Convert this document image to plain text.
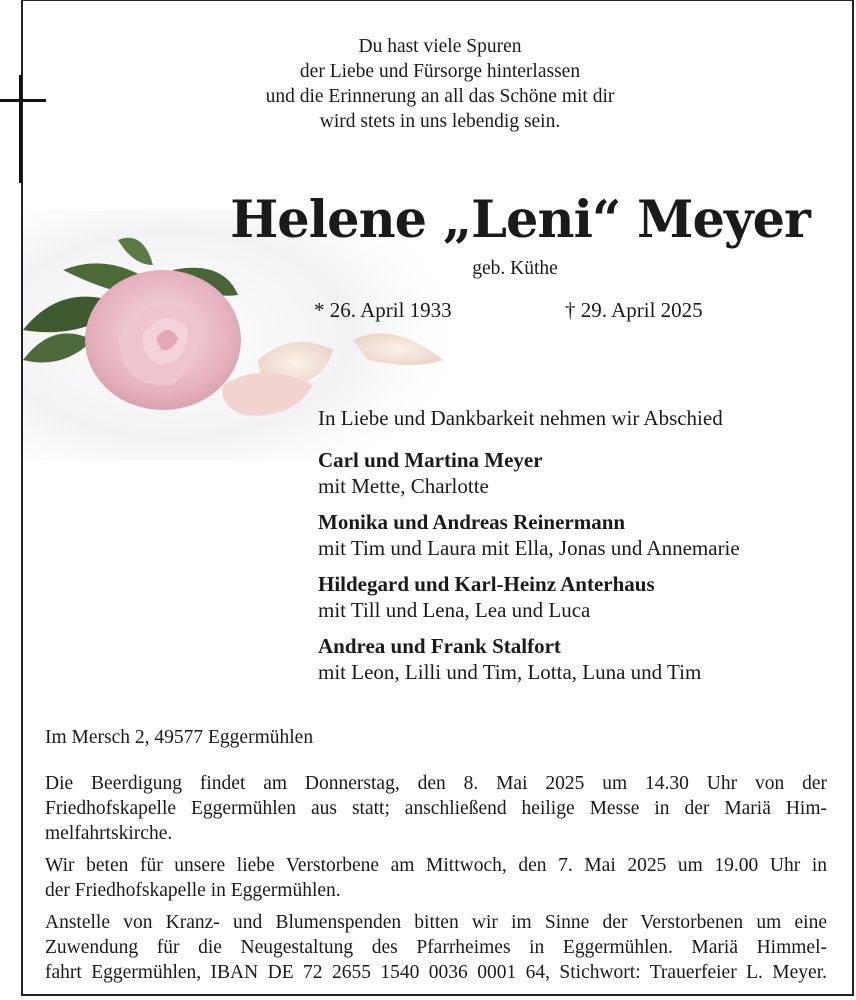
Du hast viele Spuren
der Liebe und Fürsorge hinterlassen
und die Erinnerung an all das Schöne mit dir
wird stets in uns lebendig sein.
Helene „Leni“ Meyer
geb. Küthe
* 26. April 1933	† 29. April 2025
In Liebe und Dankbarkeit nehmen wir Abschied
Carl und Martina Meyer
mit Mette, Charlotte
Monika und Andreas Reinermann
mit Tim und Laura mit Ella, Jonas und Annemarie
Hildegard und Karl-Heinz Anterhaus
mit Till und Lena, Lea und Luca
Andrea und Frank Stalfort
mit Leon, Lilli und Tim, Lotta, Luna und Tim
Im Mersch 2, 49577 Eggermühlen
Die Beerdigung findet am Donnerstag, den 8. Mai 2025 um 14.30 Uhr von der
Friedhofskapelle Eggermühlen aus statt; anschließend heilige Messe in der Mariä Him-
melfahrtskirche.
Wir beten für unsere liebe Verstorbene am Mittwoch, den 7. Mai 2025 um 19.00 Uhr in
der Friedhofskapelle in Eggermühlen.
Anstelle von Kranz- und Blumenspenden bitten wir im Sinne der Verstorbenen um eine
Zuwendung für die Neugestaltung des Pfarrheimes in Eggermühlen. Mariä Himmel-
fahrt Eggermühlen, IBAN DE 72 2655 1540 0036 0001 64, Stichwort: Trauerfeier L. Meyer.
